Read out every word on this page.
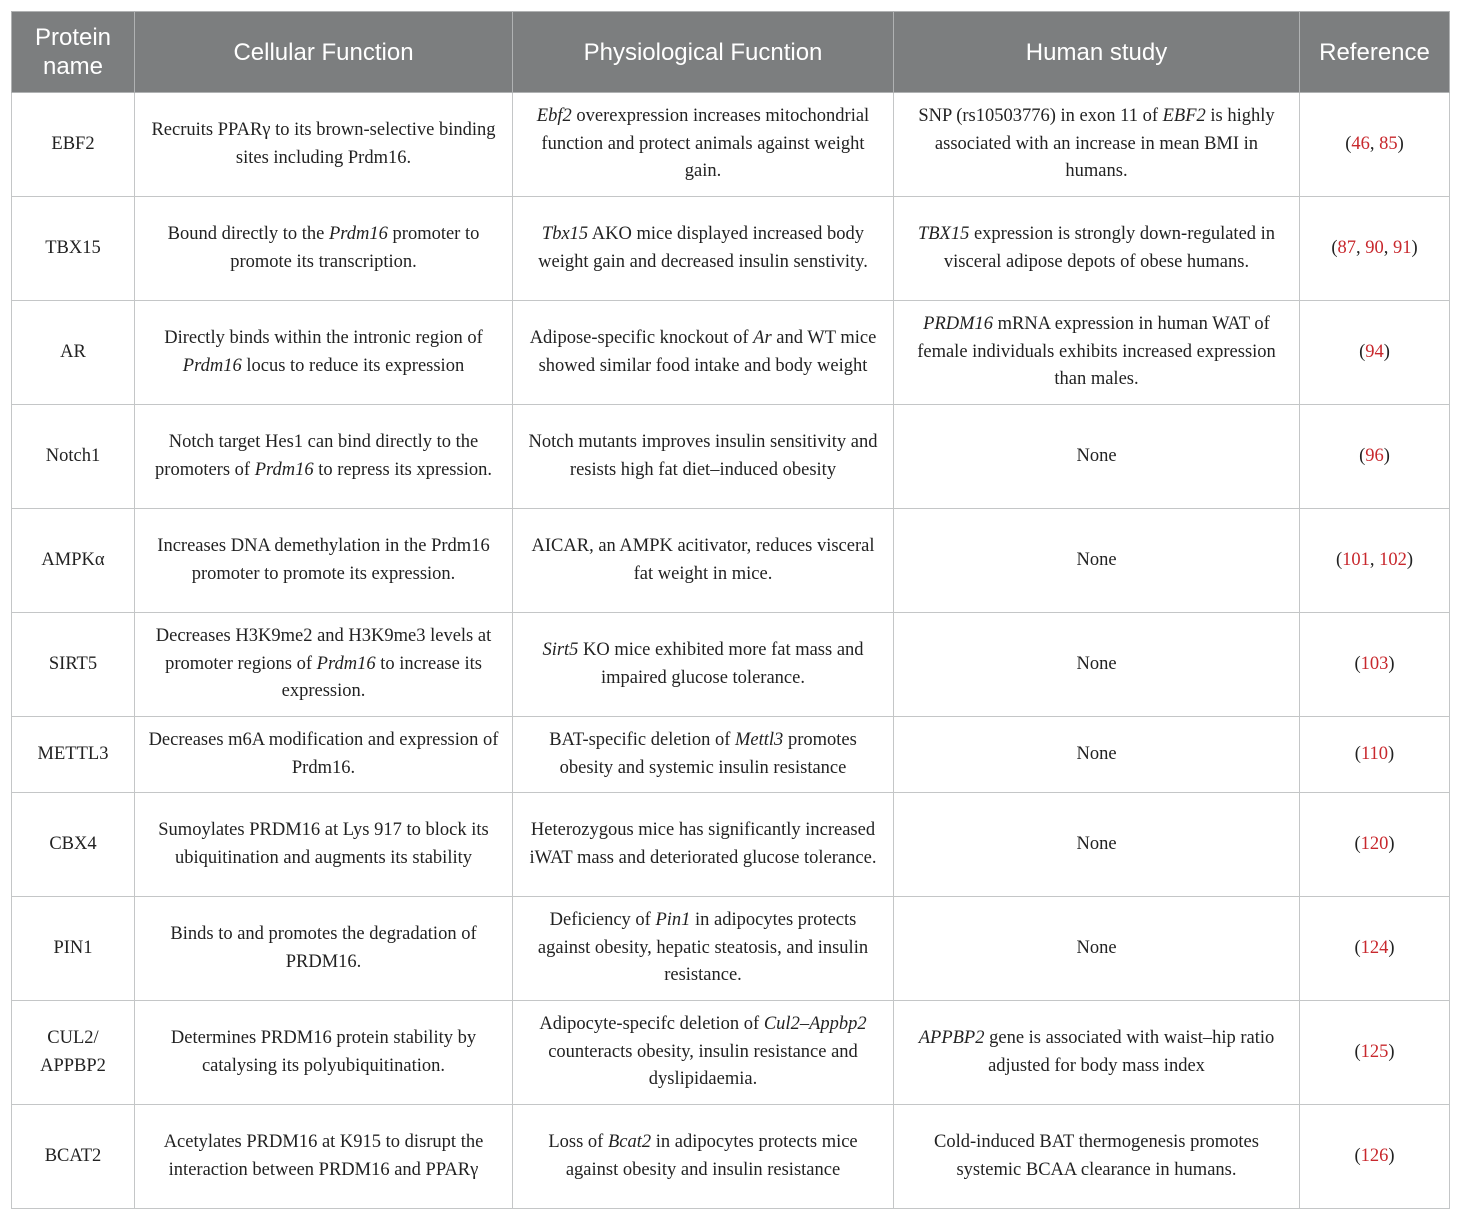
Protein name	Cellular Function	Physiological Fucntion	Human study	Reference
EBF2	Recruits PPARγ to its brown-selective binding sites including Prdm16.	Ebf2 overexpression increases mitochondrial function and protect animals against weight gain.	SNP (rs10503776) in exon 11 of EBF2 is highly associated with an increase in mean BMI in humans.	(46, 85)
TBX15	Bound directly to the Prdm16 promoter to promote its transcription.	Tbx15 AKO mice displayed increased body weight gain and decreased insulin senstivity.	TBX15 expression is strongly down-regulated in visceral adipose depots of obese humans.	(87, 90, 91)
AR	Directly binds within the intronic region of Prdm16 locus to reduce its expression	Adipose-specific knockout of Ar and WT mice showed similar food intake and body weight	PRDM16 mRNA expression in human WAT of female individuals exhibits increased expression than males.	(94)
Notch1	Notch target Hes1 can bind directly to the promoters of Prdm16 to repress its xpression.	Notch mutants improves insulin sensitivity and resists high fat diet–induced obesity	None	(96)
AMPKα	Increases DNA demethylation in the Prdm16 promoter to promote its expression.	AICAR, an AMPK acitivator, reduces visceral fat weight in mice.	None	(101, 102)
SIRT5	Decreases H3K9me2 and H3K9me3 levels at promoter regions of Prdm16 to increase its expression.	Sirt5 KO mice exhibited more fat mass and impaired glucose tolerance.	None	(103)
METTL3	Decreases m6A modification and expression of Prdm16.	BAT-specific deletion of Mettl3 promotes obesity and systemic insulin resistance	None	(110)
CBX4	Sumoylates PRDM16 at Lys 917 to block its ubiquitination and augments its stability	Heterozygous mice has significantly increased iWAT mass and deteriorated glucose tolerance.	None	(120)
PIN1	Binds to and promotes the degradation of PRDM16.	Deficiency of Pin1 in adipocytes protects against obesity, hepatic steatosis, and insulin resistance.	None	(124)
CUL2/ APPBP2	Determines PRDM16 protein stability by catalysing its polyubiquitination.	Adipocyte-specifc deletion of Cul2–Appbp2 counteracts obesity, insulin resistance and dyslipidaemia.	APPBP2 gene is associated with waist–hip ratio adjusted for body mass index	(125)
BCAT2	Acetylates PRDM16 at K915 to disrupt the interaction between PRDM16 and PPARγ	Loss of Bcat2 in adipocytes protects mice against obesity and insulin resistance	Cold-induced BAT thermogenesis promotes systemic BCAA clearance in humans.	(126)
